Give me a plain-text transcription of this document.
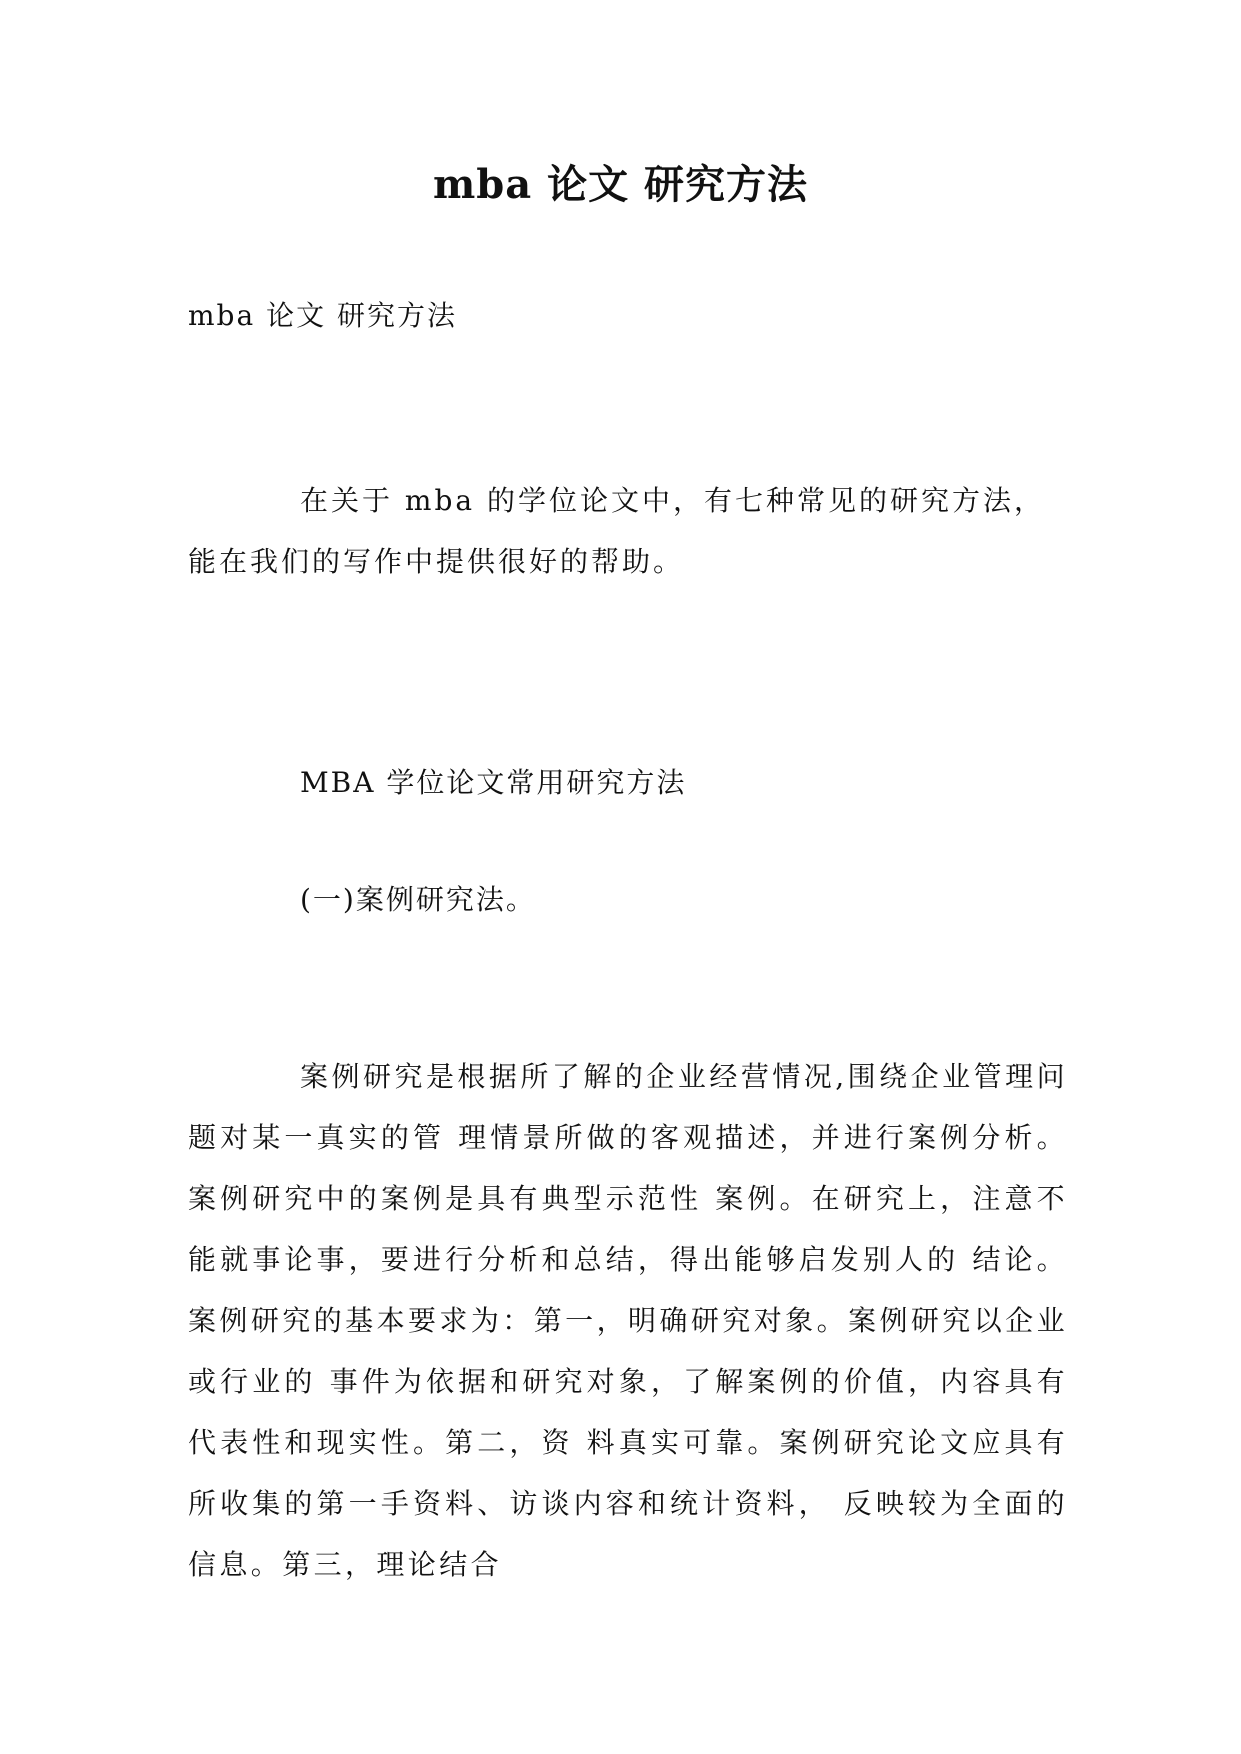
mba 论文 研究方法

mba 论文 研究方法

在关于 mba 的学位论文中，有七种常见的研究方法，能在我们的写作中提供很好的帮助。

MBA 学位论文常用研究方法

(一)案例研究法。

案例研究是根据所了解的企业经营情况,围绕企业管理问题对某一真实的管 理情景所做的客观描述，并进行案例分析。案例研究中的案例是具有典型示范性 案例。在研究上，注意不能就事论事，要进行分析和总结，得出能够启发别人的 结论。案例研究的基本要求为：第一，明确研究对象。案例研究以企业或行业的 事件为依据和研究对象，了解案例的价值，内容具有代表性和现实性。第二，资 料真实可靠。案例研究论文应具有所收集的第一手资料、访谈内容和统计资料， 反映较为全面的信息。第三，理论结合
